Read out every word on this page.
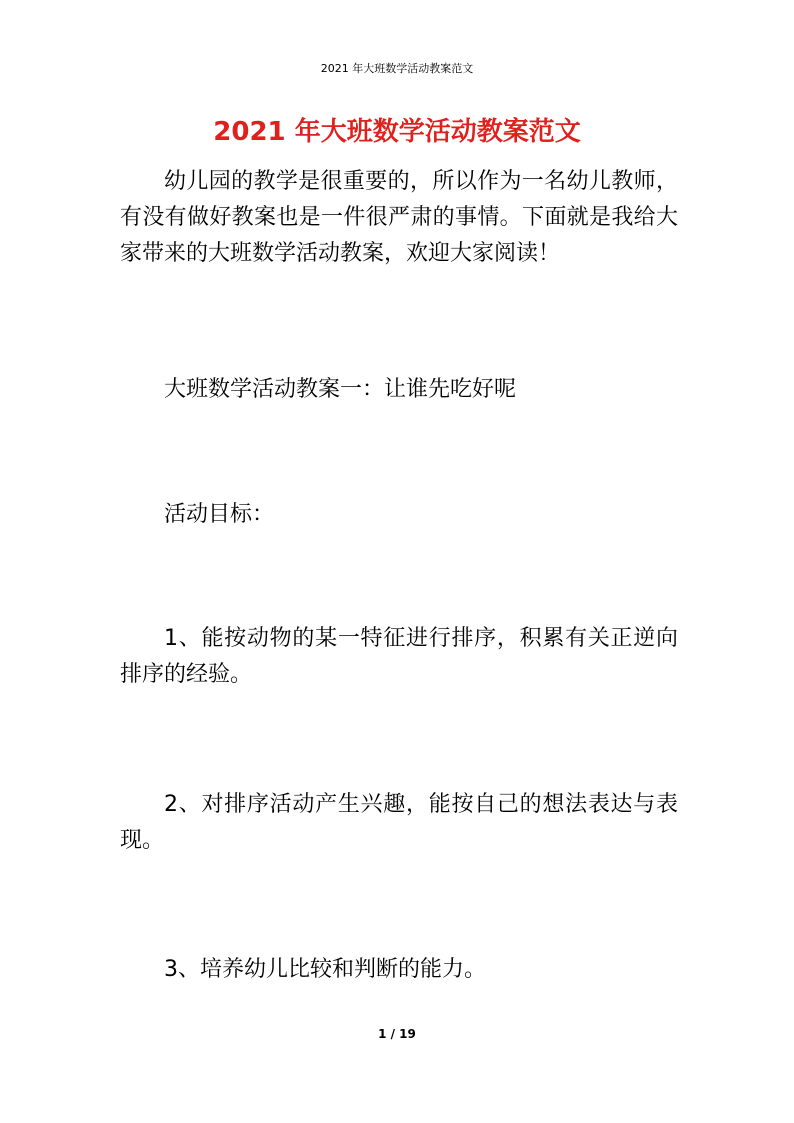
2021 年大班数学活动教案范文
2021 年大班数学活动教案范文

幼儿园的教学是很重要的，所以作为一名幼儿教师，有没有做好教案也是一件很严肃的事情。下面就是我给大家带来的大班数学活动教案，欢迎大家阅读！

大班数学活动教案一：让谁先吃好呢

活动目标：

1、能按动物的某一特征进行排序，积累有关正逆向排序的经验。

2、对排序活动产生兴趣，能按自己的想法表达与表现。

3、培养幼儿比较和判断的能力。

1 / 19
